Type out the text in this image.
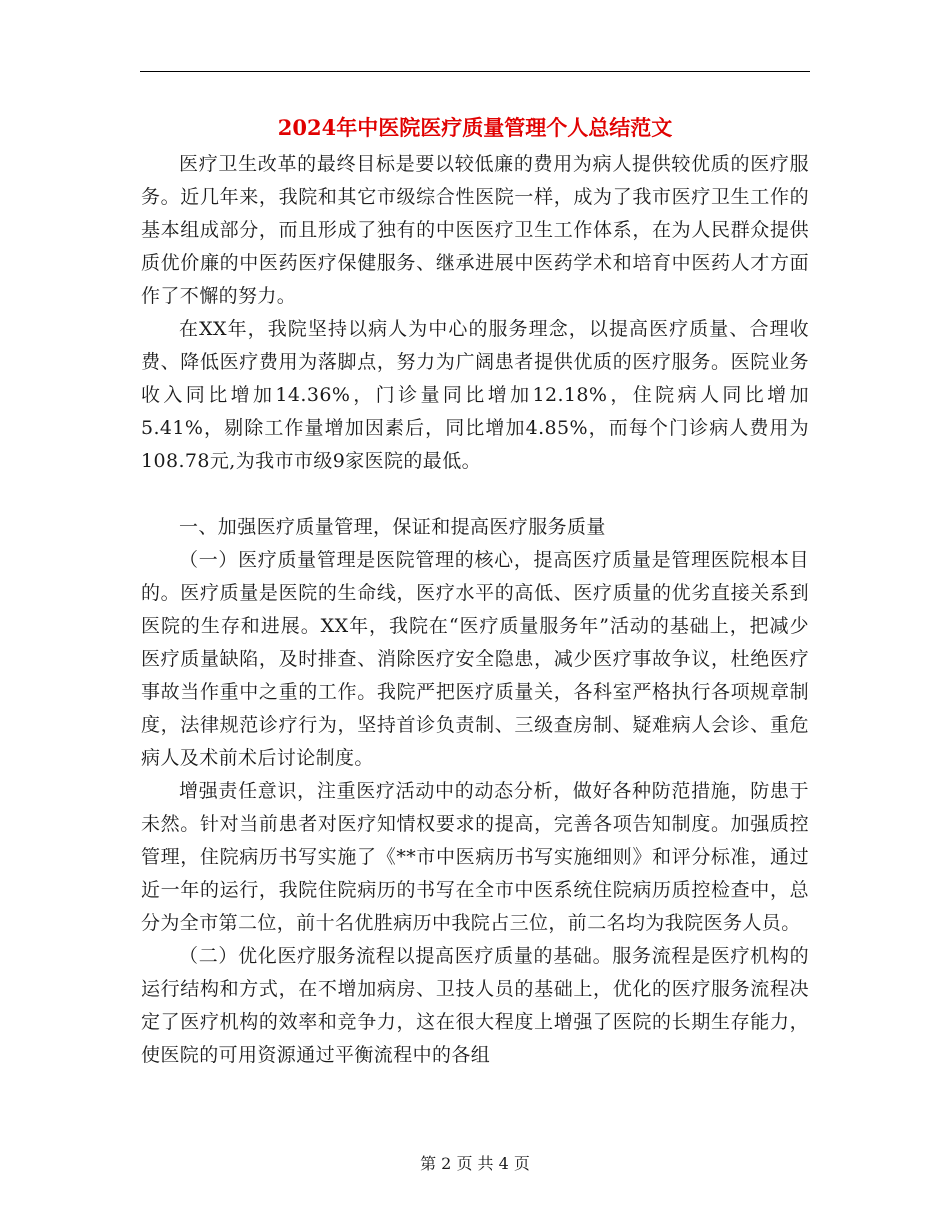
2024年中医院医疗质量管理个人总结范文

医疗卫生改革的最终目标是要以较低廉的费用为病人提供较优质的医疗服务。近几年来，我院和其它市级综合性医院一样，成为了我市医疗卫生工作的基本组成部分，而且形成了独有的中医医疗卫生工作体系，在为人民群众提供质优价廉的中医药医疗保健服务、继承进展中医药学术和培育中医药人才方面作了不懈的努力。

在XX年，我院坚持以病人为中心的服务理念，以提高医疗质量、合理收费、降低医疗费用为落脚点，努力为广阔患者提供优质的医疗服务。医院业务收入同比增加14.36%，门诊量同比增加12.18%，住院病人同比增加5.41%，剔除工作量增加因素后，同比增加4.85%，而每个门诊病人费用为108.78元,为我市市级9家医院的最低。

一、加强医疗质量管理，保证和提高医疗服务质量

（一）医疗质量管理是医院管理的核心，提高医疗质量是管理医院根本目的。医疗质量是医院的生命线，医疗水平的高低、医疗质量的优劣直接关系到医院的生存和进展。XX年，我院在“医疗质量服务年”活动的基础上，把减少医疗质量缺陷，及时排查、消除医疗安全隐患，减少医疗事故争议，杜绝医疗事故当作重中之重的工作。我院严把医疗质量关，各科室严格执行各项规章制度，法律规范诊疗行为，坚持首诊负责制、三级查房制、疑难病人会诊、重危病人及术前术后讨论制度。

增强责任意识，注重医疗活动中的动态分析，做好各种防范措施，防患于未然。针对当前患者对医疗知情权要求的提高，完善各项告知制度。加强质控管理，住院病历书写实施了《**市中医病历书写实施细则》和评分标准，通过近一年的运行，我院住院病历的书写在全市中医系统住院病历质控检查中，总分为全市第二位，前十名优胜病历中我院占三位，前二名均为我院医务人员。

（二）优化医疗服务流程以提高医疗质量的基础。服务流程是医疗机构的运行结构和方式，在不增加病房、卫技人员的基础上，优化的医疗服务流程决定了医疗机构的效率和竞争力，这在很大程度上增强了医院的长期生存能力，使医院的可用资源通过平衡流程中的各组

第 2 页 共 4 页
